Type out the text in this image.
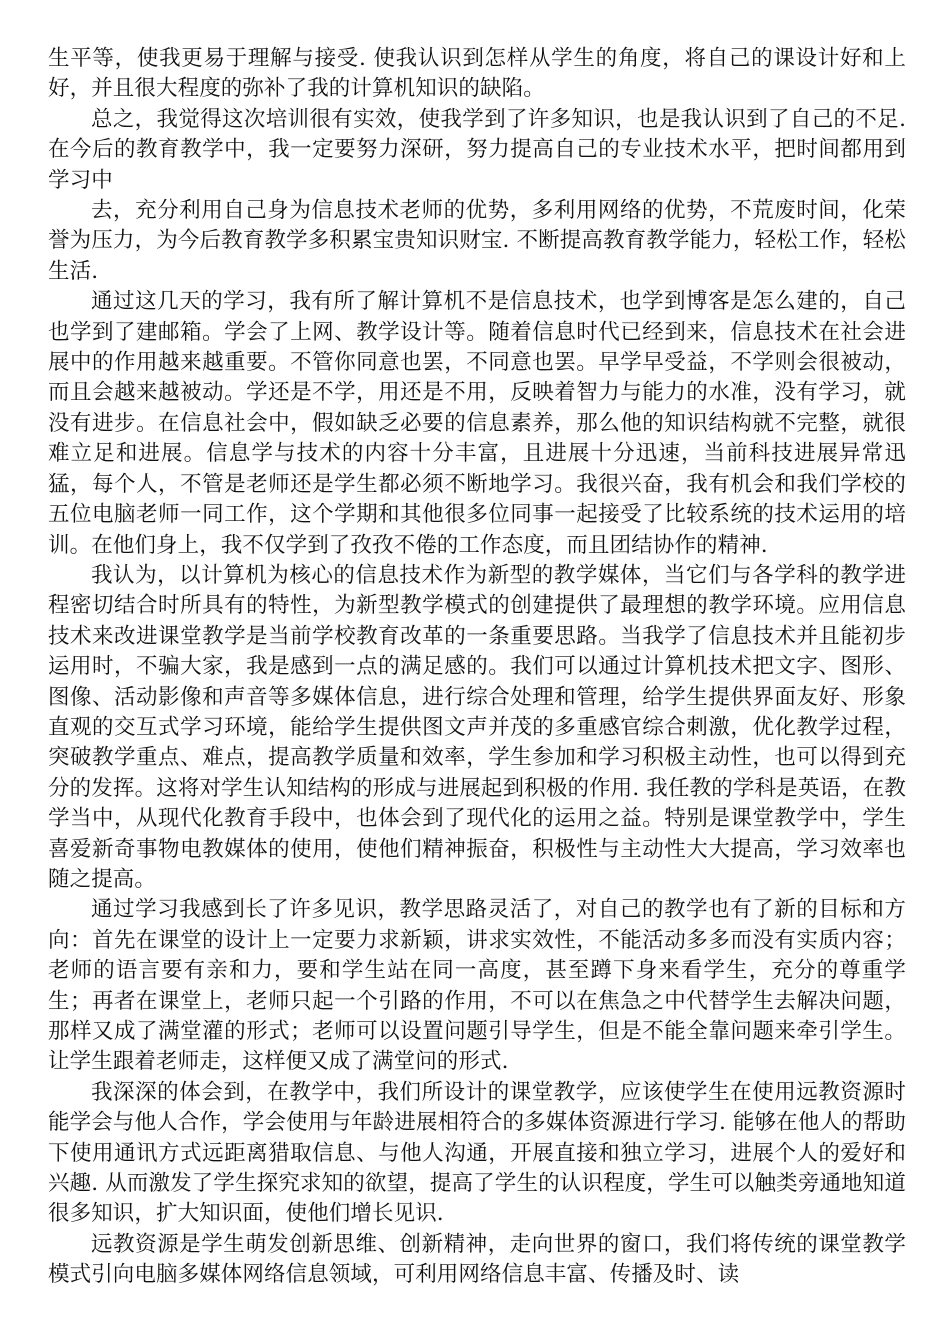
生平等，使我更易于理解与接受. 使我认识到怎样从学生的角度，将自己的课设计好和上好，并且很大程度的弥补了我的计算机知识的缺陷。

总之，我觉得这次培训很有实效，使我学到了许多知识，也是我认识到了自己的不足. 在今后的教育教学中，我一定要努力深研，努力提高自己的专业技术水平，把时间都用到学习中

去，充分利用自己身为信息技术老师的优势，多利用网络的优势，不荒废时间，化荣誉为压力，为今后教育教学多积累宝贵知识财宝. 不断提高教育教学能力，轻松工作，轻松生活.

通过这几天的学习，我有所了解计算机不是信息技术，也学到博客是怎么建的，自己也学到了建邮箱。学会了上网、教学设计等。随着信息时代已经到来，信息技术在社会进展中的作用越来越重要。不管你同意也罢，不同意也罢。早学早受益，不学则会很被动，而且会越来越被动。学还是不学，用还是不用，反映着智力与能力的水准，没有学习，就没有进步。在信息社会中，假如缺乏必要的信息素养，那么他的知识结构就不完整，就很难立足和进展。信息学与技术的内容十分丰富，且进展十分迅速，当前科技进展异常迅猛，每个人，不管是老师还是学生都必须不断地学习。我很兴奋，我有机会和我们学校的五位电脑老师一同工作，这个学期和其他很多位同事一起接受了比较系统的技术运用的培训。在他们身上，我不仅学到了孜孜不倦的工作态度，而且团结协作的精神.

我认为，以计算机为核心的信息技术作为新型的教学媒体，当它们与各学科的教学进程密切结合时所具有的特性，为新型教学模式的创建提供了最理想的教学环境。应用信息技术来改进课堂教学是当前学校教育改革的一条重要思路。当我学了信息技术并且能初步运用时，不骗大家，我是感到一点的满足感的。我们可以通过计算机技术把文字、图形、图像、活动影像和声音等多媒体信息，进行综合处理和管理，给学生提供界面友好、形象直观的交互式学习环境，能给学生提供图文声并茂的多重感官综合刺激，优化教学过程，突破教学重点、难点，提高教学质量和效率，学生参加和学习积极主动性，也可以得到充分的发挥。这将对学生认知结构的形成与进展起到积极的作用. 我任教的学科是英语，在教学当中，从现代化教育手段中，也体会到了现代化的运用之益。特别是课堂教学中，学生喜爱新奇事物电教媒体的使用，使他们精神振奋，积极性与主动性大大提高，学习效率也随之提高。

通过学习我感到长了许多见识，教学思路灵活了，对自己的教学也有了新的目标和方向：首先在课堂的设计上一定要力求新颖，讲求实效性，不能活动多多而没有实质内容；老师的语言要有亲和力，要和学生站在同一高度，甚至蹲下身来看学生，充分的尊重学生；再者在课堂上，老师只起一个引路的作用，不可以在焦急之中代替学生去解决问题，那样又成了满堂灌的形式；老师可以设置问题引导学生，但是不能全靠问题来牵引学生。让学生跟着老师走，这样便又成了满堂问的形式.

我深深的体会到，在教学中，我们所设计的课堂教学，应该使学生在使用远教资源时能学会与他人合作，学会使用与年龄进展相符合的多媒体资源进行学习. 能够在他人的帮助下使用通讯方式远距离猎取信息、与他人沟通，开展直接和独立学习，进展个人的爱好和兴趣. 从而激发了学生探究求知的欲望，提高了学生的认识程度，学生可以触类旁通地知道很多知识，扩大知识面，使他们增长见识.

远教资源是学生萌发创新思维、创新精神，走向世界的窗口，我们将传统的课堂教学模式引向电脑多媒体网络信息领域，可利用网络信息丰富、传播及时、读
